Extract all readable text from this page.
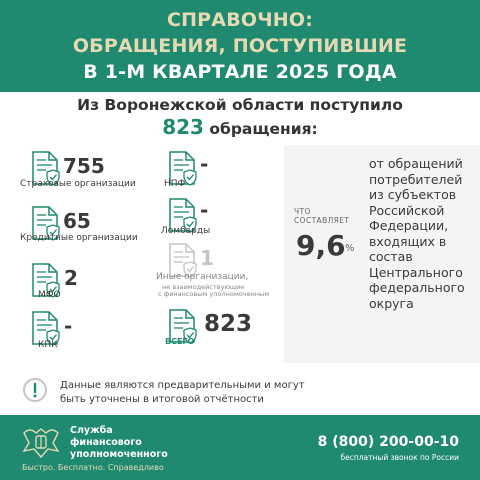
СПРАВОЧНО:
ОБРАЩЕНИЯ, ПОСТУПИВШИЕ
В 1-М КВАРТАЛЕ 2025 ГОДА
Из Воронежской области поступило
823 обращения:
755
Страховые организации
65
Кредитные организации
2
МФО
-
КПК
-
НПФ
-
Ломбарды
1
Иные организации,
не взаимодействующие
с финансовым уполномоченным
823
ВСЕГО
ЧТО
СОСТАВЛЯЕТ
9,6 %
от обращений потребителей из субъектов Российской Федерации, входящих в состав Центрального федерального округа
Данные являются предварительными и могут
быть уточнены в итоговой отчётности
Служба
финансового
уполномоченного
Быстро. Бесплатно. Справедливо
8 (800) 200-00-10
бесплатный звонок по России
